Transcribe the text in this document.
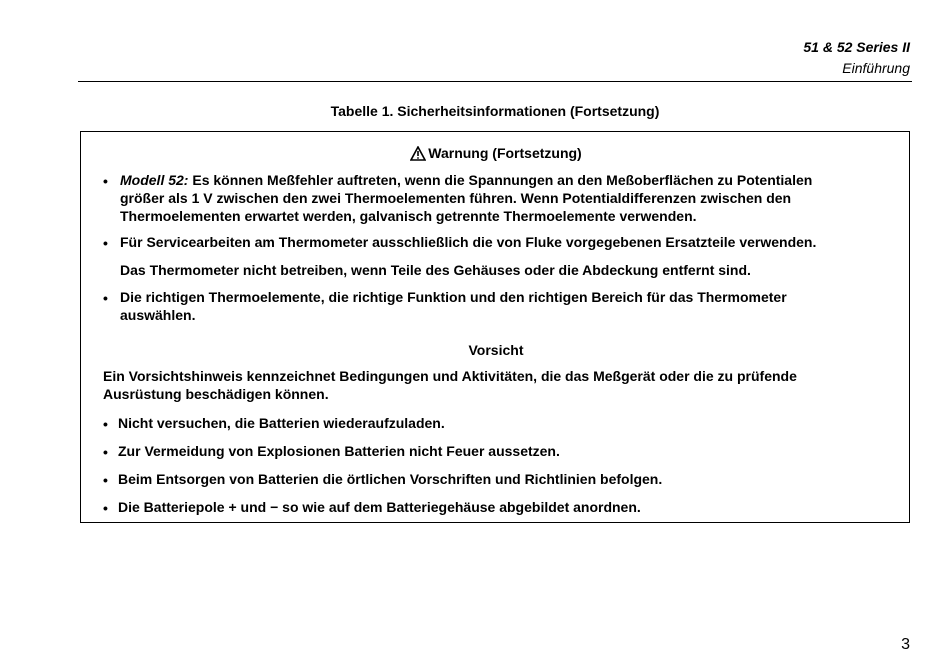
51 & 52 Series II
Einführung
Tabelle 1. Sicherheitsinformationen (Fortsetzung)
Warnung (Fortsetzung)
• Modell 52: Es können Meßfehler auftreten, wenn die Spannungen an den Meßoberflächen zu Potentialen
größer als 1 V zwischen den zwei Thermoelementen führen. Wenn Potentialdifferenzen zwischen den
Thermoelementen erwartet werden, galvanisch getrennte Thermoelemente verwenden.
• Für Servicearbeiten am Thermometer ausschließlich die von Fluke vorgegebenen Ersatzteile verwenden.
Das Thermometer nicht betreiben, wenn Teile des Gehäuses oder die Abdeckung entfernt sind.
• Die richtigen Thermoelemente, die richtige Funktion und den richtigen Bereich für das Thermometer
auswählen.
Vorsicht
Ein Vorsichtshinweis kennzeichnet Bedingungen und Aktivitäten, die das Meßgerät oder die zu prüfende
Ausrüstung beschädigen können.
• Nicht versuchen, die Batterien wiederaufzuladen.
• Zur Vermeidung von Explosionen Batterien nicht Feuer aussetzen.
• Beim Entsorgen von Batterien die örtlichen Vorschriften und Richtlinien befolgen.
• Die Batteriepole + und − so wie auf dem Batteriegehäuse abgebildet anordnen.
3
